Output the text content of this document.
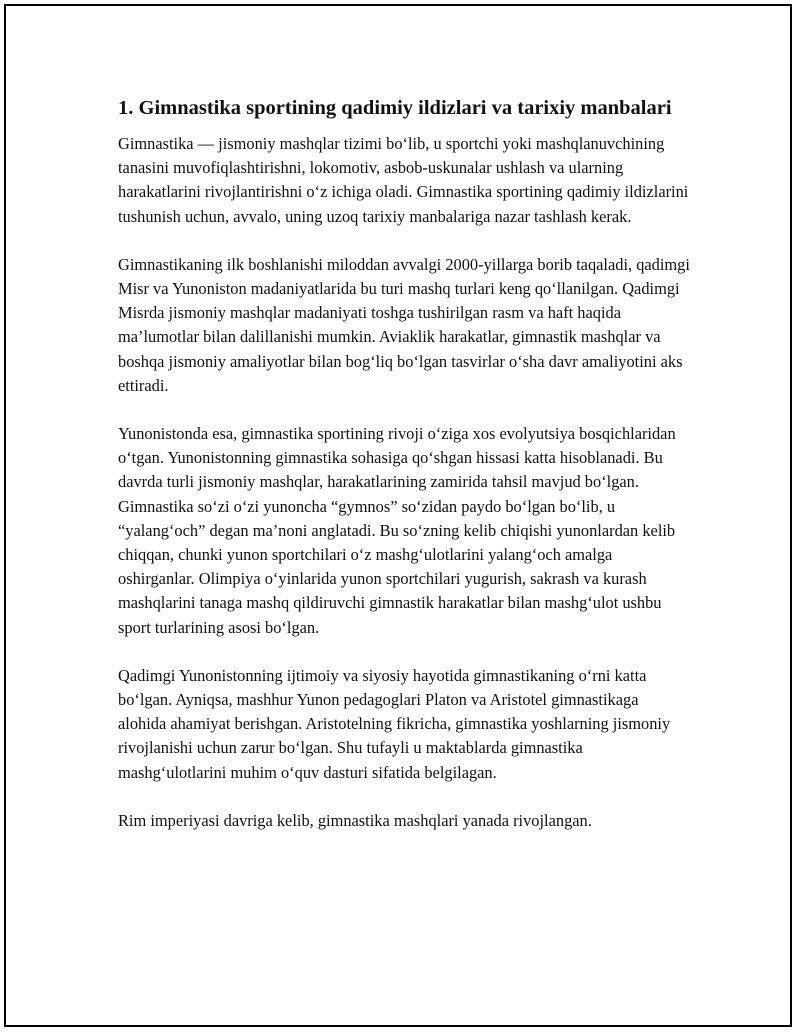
1. Gimnastika sportining qadimiy ildizlari va tarixiy manbalari

Gimnastika — jismoniy mashqlar tizimi bo‘lib, u sportchi yoki mashqlanuvchining tanasini muvofiqlashtirishni, lokomotiv, asbob-uskunalar ushlash va ularning harakatlarini rivojlantirishni o‘z ichiga oladi. Gimnastika sportining qadimiy ildizlarini tushunish uchun, avvalo, uning uzoq tarixiy manbalariga nazar tashlash kerak.

Gimnastikaning ilk boshlanishi miloddan avvalgi 2000-yillarga borib taqaladi, qadimgi Misr va Yunoniston madaniyatlarida bu turi mashq turlari keng qo‘llanilgan. Qadimgi Misrda jismoniy mashqlar madaniyati toshga tushirilgan rasm va haft haqida ma’lumotlar bilan dalillanishi mumkin. Aviaklik harakatlar, gimnastik mashqlar va boshqa jismoniy amaliyotlar bilan bog‘liq bo‘lgan tasvirlar o‘sha davr amaliyotini aks ettiradi.

Yunonistonda esa, gimnastika sportining rivoji o‘ziga xos evolyutsiya bosqichlaridan o‘tgan. Yunonistonning gimnastika sohasiga qo‘shgan hissasi katta hisoblanadi. Bu davrda turli jismoniy mashqlar, harakatlarining zamirida tahsil mavjud bo‘lgan. Gimnastika so‘zi o‘zi yunoncha “gymnos” so‘zidan paydo bo‘lgan bo‘lib, u “yalang‘och” degan ma’noni anglatadi. Bu so‘zning kelib chiqishi yunonlardan kelib chiqqan, chunki yunon sportchilari o‘z mashg‘ulotlarini yalang‘och amalga oshirganlar. Olimpiya o‘yinlarida yunon sportchilari yugurish, sakrash va kurash mashqlarini tanaga mashq qildiruvchi gimnastik harakatlar bilan mashg‘ulot ushbu sport turlarining asosi bo‘lgan.

Qadimgi Yunonistonning ijtimoiy va siyosiy hayotida gimnastikaning o‘rni katta bo‘lgan. Ayniqsa, mashhur Yunon pedagoglari Platon va Aristotel gimnastikaga alohida ahamiyat berishgan. Aristotelning fikricha, gimnastika yoshlarning jismoniy rivojlanishi uchun zarur bo‘lgan. Shu tufayli u maktablarda gimnastika mashg‘ulotlarini muhim o‘quv dasturi sifatida belgilagan.

Rim imperiyasi davriga kelib, gimnastika mashqlari yanada rivojlangan.
